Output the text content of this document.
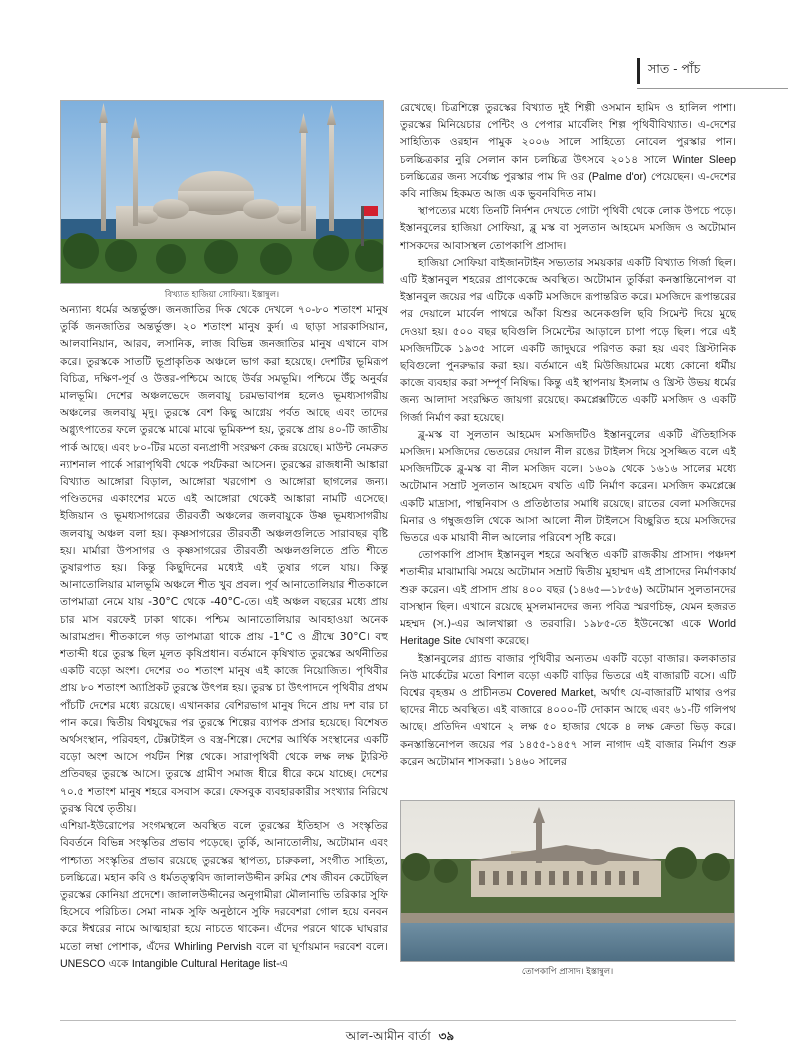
সাত - পাঁচ
বিখ্যাত হাজিয়া সোফিয়া। ইস্তান্বুল।

অন্যান্য ধর্মের অন্তর্ভুক্ত। জনজাতির দিক থেকে দেখলে ৭০-৮০ শতাংশ মানুষ তুর্কি জনজাতির অন্তর্ভুক্ত। ২০ শতাংশ মানুষ কুর্দ। এ ছাড়া সারকাসিয়ান, আলবানিয়ান, আরব, লসানিক, লাজ বিভিন্ন জনজাতির মানুষ এখানে বাস করে। তুরস্ককে সাতটি ভূপ্রাকৃতিক অঞ্চলে ভাগ করা হয়েছে। দেশটির ভূমিরূপ বিচিত্র, দক্ষিণ-পূর্ব ও উত্তর-পশ্চিমে আছে উর্বর সমভূমি। পশ্চিমে উঁচু অনুর্বর মালভূমি। দেশের অঞ্চলভেদে জলবায়ু চরমভাবাপন্ন হলেও ভূমধ্যসাগরীয় অঞ্চলের জলবায়ু মৃদু। তুরস্কে বেশ কিছু আগ্নেয় পর্বত আছে এবং তাদের অগ্ন্যুৎপাতের ফলে তুরস্কে মাঝে মাঝে ভূমিকম্প হয়, তুরস্কে প্রায় ৪০-টি জাতীয় পার্ক আছে। এবং ৮০-টির মতো বন্যপ্রাণী সংরক্ষণ কেন্দ্র রয়েছে। মাউন্ট নেমরুত ন্যাশনাল পার্কে সারাপৃথিবী থেকে পর্যটকরা আসেন। তুরস্কের রাজধানী আঙ্কারা বিখ্যাত আঙ্গোরা বিড়াল, আঙ্গোরা খরগোশ ও আঙ্গোরা ছাগলের জন্য। পণ্ডিতদের একাংশের মতে এই আঙ্গোরা থেকেই আঙ্কারা নামটি এসেছে। ইজিয়ান ও ভূমধ্যসাগরের তীরবর্তী অঞ্চলের জলবায়ুকে উষ্ণ ভূমধ্যসাগরীয় জলবায়ু অঞ্চল বলা হয়। কৃষ্ণসাগরের তীরবর্তী অঞ্চলগুলিতে সারাবছর বৃষ্টি হয়। মার্মারা উপসাগর ও কৃষ্ণসাগরের তীরবর্তী অঞ্চলগুলিতে প্রতি শীতে তুষারপাত হয়। কিন্তু কিছুদিনের মধ্যেই এই তুষার গলে যায়। কিন্তু আনাতোলিয়ার মালভূমি অঞ্চলে শীত খুব প্রবল। পূর্ব আনাতোলিয়ার শীতকালে তাপমাত্রা নেমে যায় -30°C থেকে -40°C-তে। এই অঞ্চল বছরের মধ্যে প্রায় চার মাস বরফেই ঢাকা থাকে। পশ্চিম আনাতোলিয়ার আবহাওয়া অনেক আরামপ্রদ। শীতকালে গড় তাপমাত্রা থাকে প্রায় -1°C ও গ্রীষ্মে 30°C। বহু শতাব্দী ধরে তুরস্ক ছিল মূলত কৃষিপ্রধান। বর্তমানে কৃষিখাত তুরস্কের অর্থনীতির একটি বড়ো অংশ। দেশের ৩০ শতাংশ মানুষ এই কাজে নিয়োজিত। পৃথিবীর প্রায় ৮০ শতাংশ অ্যাপ্রিকট তুরস্কে উৎপন্ন হয়। তুরস্ক চা উৎপাদনে পৃথিবীর প্রথম পাঁচটি দেশের মধ্যে রয়েছে। এখানকার বেশিরভাগ মানুষ দিনে প্রায় দশ বার চা পান করে। দ্বিতীয় বিশ্বযুদ্ধের পর তুরস্কে শিল্পের ব্যাপক প্রসার হয়েছে। বিশেষত অর্থসংস্থান, পরিবহণ, টেক্সটাইল ও বস্ত্র-শিল্পে। দেশের আর্থিক সংস্থানের একটি বড়ো অংশ আসে পর্যটন শিল্প থেকে। সারাপৃথিবী থেকে লক্ষ লক্ষ ট্যুরিস্ট প্রতিবছর তুরস্কে আসে। তুরস্কে গ্রামীণ সমাজ ধীরে ধীরে কমে যাচ্ছে। দেশের ৭০.৫ শতাংশ মানুষ শহরে বসবাস করে। ফেসবুক ব্যবহারকারীর সংখ্যার নিরিখে তুরস্ক বিশ্বে তৃতীয়।

এশিয়া-ইউরোপের সংগমস্থলে অবস্থিত বলে তুরস্কের ইতিহাস ও সংস্কৃতির বিবর্তনে বিভিন্ন সংস্কৃতির প্রভাব পড়েছে। তুর্কি, আনাতোলীয়, অটোমান এবং পাশ্চাত্য সংস্কৃতির প্রভাব রয়েছে তুরস্কের স্থাপত্য, চারুকলা, সংগীত সাহিত্য, চলচ্চিত্রে। মহান কবি ও ধর্মতত্ত্ববিদ জালালউদ্দীন রুমির শেষ জীবন কেটেছিল তুরস্কের কোনিয়া প্রদেশে। জালালউদ্দীনের অনুগামীরা মৌলানাভি তরিকার সুফি হিসেবে পরিচিত। সেমা নামক সুফি অনুষ্ঠানে সুফি দরবেশরা গোল হয়ে বনবন করে ঈশ্বরের নামে আত্মহারা হয়ে নাচতে থাকেন। এঁদের পরনে থাকে ঘাঘরার মতো লম্বা পোশাক, এঁদের Whirling Pervish বলে বা ঘূর্ণায়মান দরবেশ বলে। UNESCO একে Intangible Cultural Heritage list-এ

রেখেছে। চিত্রশিল্পে তুরস্কের বিখ্যাত দুই শিল্পী ওসমান হামিদ ও হালিল পাশা। তুরস্কের মিনিয়েচার পেন্টিং ও পেপার মার্বেলিং শিল্প পৃথিবীবিখ্যাত। এ-দেশের সাহিত্যিক ওরহান পামুক ২০০৬ সালে সাহিত্যে নোবেল পুরস্কার পান। চলচ্চিত্রকার নুরি সেলান কান চলচ্চিত্র উৎসবে ২০১৪ সালে Winter Sleep চলচ্চিত্রের জন্য সর্বোচ্চ পুরস্কার পাম দি ওর (Palme d'or) পেয়েছেন। এ-দেশের কবি নাজিম হিকমত আজ এক ভুবনবিদিত নাম।

স্থাপত্যের মধ্যে তিনটি নির্দশন দেখতে গোটা পৃথিবী থেকে লোক উপচে পড়ে। ইস্তানবুলের হাজিয়া সোফিয়া, ব্লু মস্ক বা সুলতান আহমেদ মসজিদ ও অটোমান শাসকদের আবাসস্থল তোপকাপি প্রাসাদ।

হাজিয়া সোফিয়া বাইজানটাইন সভ্যতার সময়কার একটি বিখ্যাত গির্জা ছিল। এটি ইস্তানবুল শহরের প্রাণকেন্দ্রে অবস্থিত। অটোমান তুর্কিরা কনস্তান্তিনোপল বা ইস্তানবুল জয়ের পর এটিকে একটি মসজিদে রূপান্তরিত করে। মসজিদে রূপান্তরের পর দেয়ালে মার্বেল পাথরে আঁকা যিশুর অনেকগুলি ছবি সিমেন্ট দিয়ে মুছে দেওয়া হয়। ৫০০ বছর ছবিগুলি সিমেন্টের আড়ালে চাপা পড়ে ছিল। পরে এই মসজিদটিকে ১৯৩৫ সালে একটি জাদুঘরে পরিণত করা হয় এবং খ্রিস্টানিক ছবিগুলো পুনরুদ্ধার করা হয়। বর্তমানে এই মিউজিয়ামের মধ্যে কোনো ধর্মীয় কাজে ব্যবহার করা সম্পূর্ণ নিষিদ্ধ। কিন্তু এই স্থাপনায় ইসলাম ও খ্রিস্ট উভয় ধর্মের জন্য আলাদা সংরক্ষিত জায়গা রয়েছে। কমপ্লেক্সটিতে একটি মসজিদ ও একটি গির্জা নির্মাণ করা হয়েছে।

ব্লু-মস্ক বা সুলতান আহমেদ মসজিদটিও ইস্তানবুলের একটি ঐতিহাসিক মসজিদ। মসজিদের ভেতরের দেয়াল নীল রঙের টাইলস দিয়ে সুসজ্জিত বলে এই মসজিদটিকে ব্লু-মস্ক বা নীল মসজিদ বলে। ১৬০৯ থেকে ১৬১৬ সালের মধ্যে অটোমান সম্রাট সুলতান আহমেদ বখতি এটি নির্মাণ করেন। মসজিদ কমপ্লেক্সে একটি মাদ্রাসা, পান্থনিবাস ও প্রতিষ্ঠাতার সমাধি রয়েছে। রাতের বেলা মসজিদের মিনার ও গম্বুজগুলি থেকে আসা আলো নীল টাইলসে বিচ্ছুরিত হয়ে মসজিদের ভিতরে এক মায়াবী নীল আলোর পরিবেশ সৃষ্টি করে।

তোপকাপি প্রাসাদ ইস্তানবুল শহরে অবস্থিত একটি রাজকীয় প্রাসাদ। পঞ্চদশ শতাব্দীর মাঝামাঝি সময়ে অটোমান সম্রাট দ্বিতীয় মুহাম্মদ এই প্রাসাদের নির্মাণকার্য শুরু করেন। এই প্রাসাদ প্রায় ৪০০ বছর (১৪৬৫—১৮৫৬) অটোমান সুলতানদের বাসস্থান ছিল। এখানে রয়েছে মুসলমানদের জন্য পবিত্র স্মরণচিহ্ন, যেমন হজরত মহম্মদ (স.)-এর আলখাল্লা ও তরবারি। ১৯৮৫-তে ইউনেস্কো একে World Heritage Site ঘোষণা করেছে।

ইস্তানবুলের গ্র্যান্ড বাজার পৃথিবীর অন্যতম একটি বড়ো বাজার। কলকাতার নিউ মার্কেটের মতো বিশাল বড়ো একটি বাড়ির ভিতরে এই বাজারটি বসে। এটি বিশ্বের বৃহত্তম ও প্রাচীনতম Covered Market, অর্থাৎ যে-বাজারটি মাথার ওপর ছাদের নীচে অবস্থিত। এই বাজারে ৪০০০-টি দোকান আছে এবং ৬১-টি গলিপথ আছে। প্রতিদিন এখানে ২ লক্ষ ৫০ হাজার থেকে ৪ লক্ষ ক্রেতা ভিড় করে। কনস্তান্তিনোপল জয়ের পর ১৪৫৫-১৪৫৭ সাল নাগাদ এই বাজার নির্মাণ শুরু করেন অটোমান শাসকরা। ১৪৬০ সালের

তোপকাপি প্রাসাদ। ইস্তান্বুল।
আল-আমীন বার্তা ৩৯
